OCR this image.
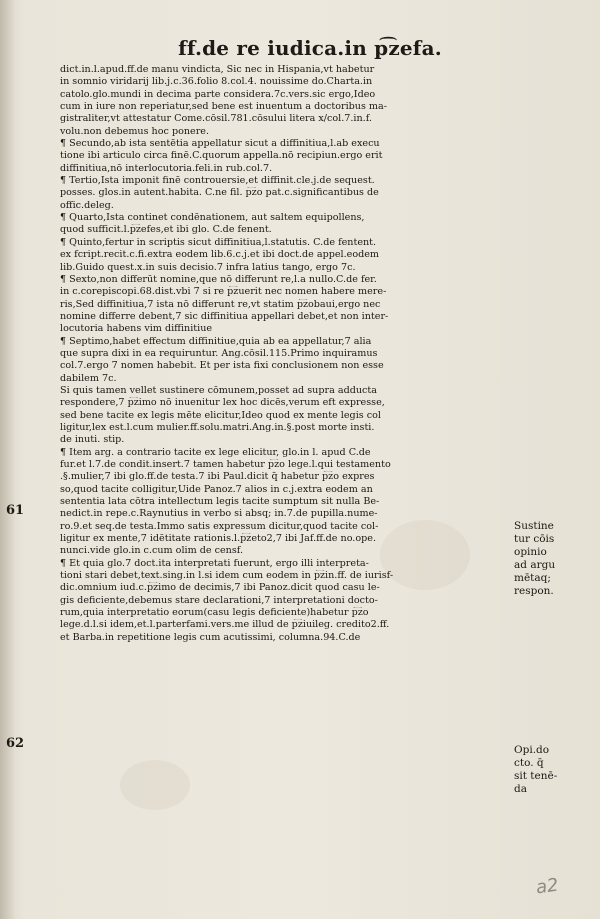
ff.de re iudica.in p͡zefa.
dict.in.l.apud.ff.de manu vindicta, Sic nec in Hispania,vt habetur
in somnio viridarij lib.j.c.36.folio 8.col.4. nouissime do.Charta.in
catolo.glo.mundi in decima parte considera.7c.vers.sic ergo,Ideo
cum in iure non reperiatur,sed bene est inuentum a doctoribus ma-
gistraliter,vt attestatur Come.cōsil.781.cōsului litera x/col.7.in.f.
volu.non debemus hoc ponere.
¶ Secundo,ab ista sentētia appellatur sicut a diffinitiua,l.ab execu
tione ibi articulo circa finē.C.quorum appella.nō recipiun.ergo erit
diffinitiua,nō interlocutoria.feli.in rub.col.7.
¶ Tertio,Ista imponit finē controuersie,et diffinit.cle.j.de sequest.
posses. glos.in autent.habita. C.ne fil. p͡zo pat.c.significantibus de
offic.deleg.
¶ Quarto,Ista continet condēnationem, aut saltem equipollens,
quod sufficit.l.p͡zefes,et ibi glo. C.de fenent.
¶ Quinto,fertur in scriptis sicut diffinitiua,l.statutis. C.de fentent.
ex fcript.recit.c.fi.extra eodem lib.6.c.j.et ibi doct.de appel.eodem
lib.Guido quest.x.in suis decisio.7 infra latius tango, ergo 7c.
¶ Sexto,non differūt nomine,que nō differunt re,l.a nullo.C.de fer.
in c.corepiscopi.68.dist.vbi 7 si re p͡zuerit nec nomen habere mere-
ris,Sed diffinitiua,7 ista nō differunt re,vt statim p͡zobaui,ergo nec
nomine differre debent,7 sic diffinitiua appellari debet,et non inter-
locutoria habens vim diffinitiue
¶ Septimo,habet effectum diffinitiue,quia ab ea appellatur,7 alia
que supra dixi in ea requiruntur. Ang.cōsil.115.Primo inquiramus
col.7.ergo 7 nomen habebit. Et per ista fixi conclusionem non esse
dabilem 7c.
Si quis tamen vellet sustinere cōmunem,posset ad supra adducta
respondere,7 p͡zimo nō inuenitur lex hoc dicēs,verum eft expresse,
sed bene tacite ex legis mēte elicitur,Ideo quod ex mente legis col
ligitur,lex est.l.cum mulier.ff.solu.matri.Ang.in.§.post morte insti.
de inuti. stip.
¶ Item arg. a contrario tacite ex lege elicitur, glo.in l. apud C.de
fur.et l.7.de condit.insert.7 tamen habetur p͡zo lege.l.qui testamento
.§.mulier,7 ibi glo.ff.de testa.7 ibi Paul.dicit q̄ habetur p͡zo expres
so,quod tacite colligitur,Uide Panoz.7 alios in c.j.extra eodem an
sententia lata cōtra intellectum legis tacite sumptum sit nulla Be-
nedict.in repe.c.Raynutius in verbo si absq; in.7.de pupilla.nume-
ro.9.et seq.de testa.Immo satis expressum dicitur,quod tacite col-
ligitur ex mente,7 idētitate rationis.l.p͡zeto2,7 ibi Jaf.ff.de no.ope.
nunci.vide glo.in c.cum olim de censf.
¶ Et quia glo.7 doct.ita interpretati fuerunt, ergo illi interpreta-
tioni stari debet,text.sing.in l.si idem cum eodem in p͡zin.ff. de iurisf-
dic.omnium iud.c.p͡zimo de decimis,7 ibi Panoz.dicit quod casu le-
gis deficiente,debemus stare declarationi,7 interpretationi docto-
rum,quia interpretatio eorum(casu legis deficiente)habetur p͡zo
lege.d.l.si idem,et.l.parterfami.vers.me illud de p͡ziuileg. credito2.ff.
et Barba.in repetitione legis cum acutissimi, columna.94.C.de
61
62
Sustine
tur cōis
opinio
ad argu
mētaq;
respon.
Opi.do
cto. q̄
sit tenē-
da
a2
